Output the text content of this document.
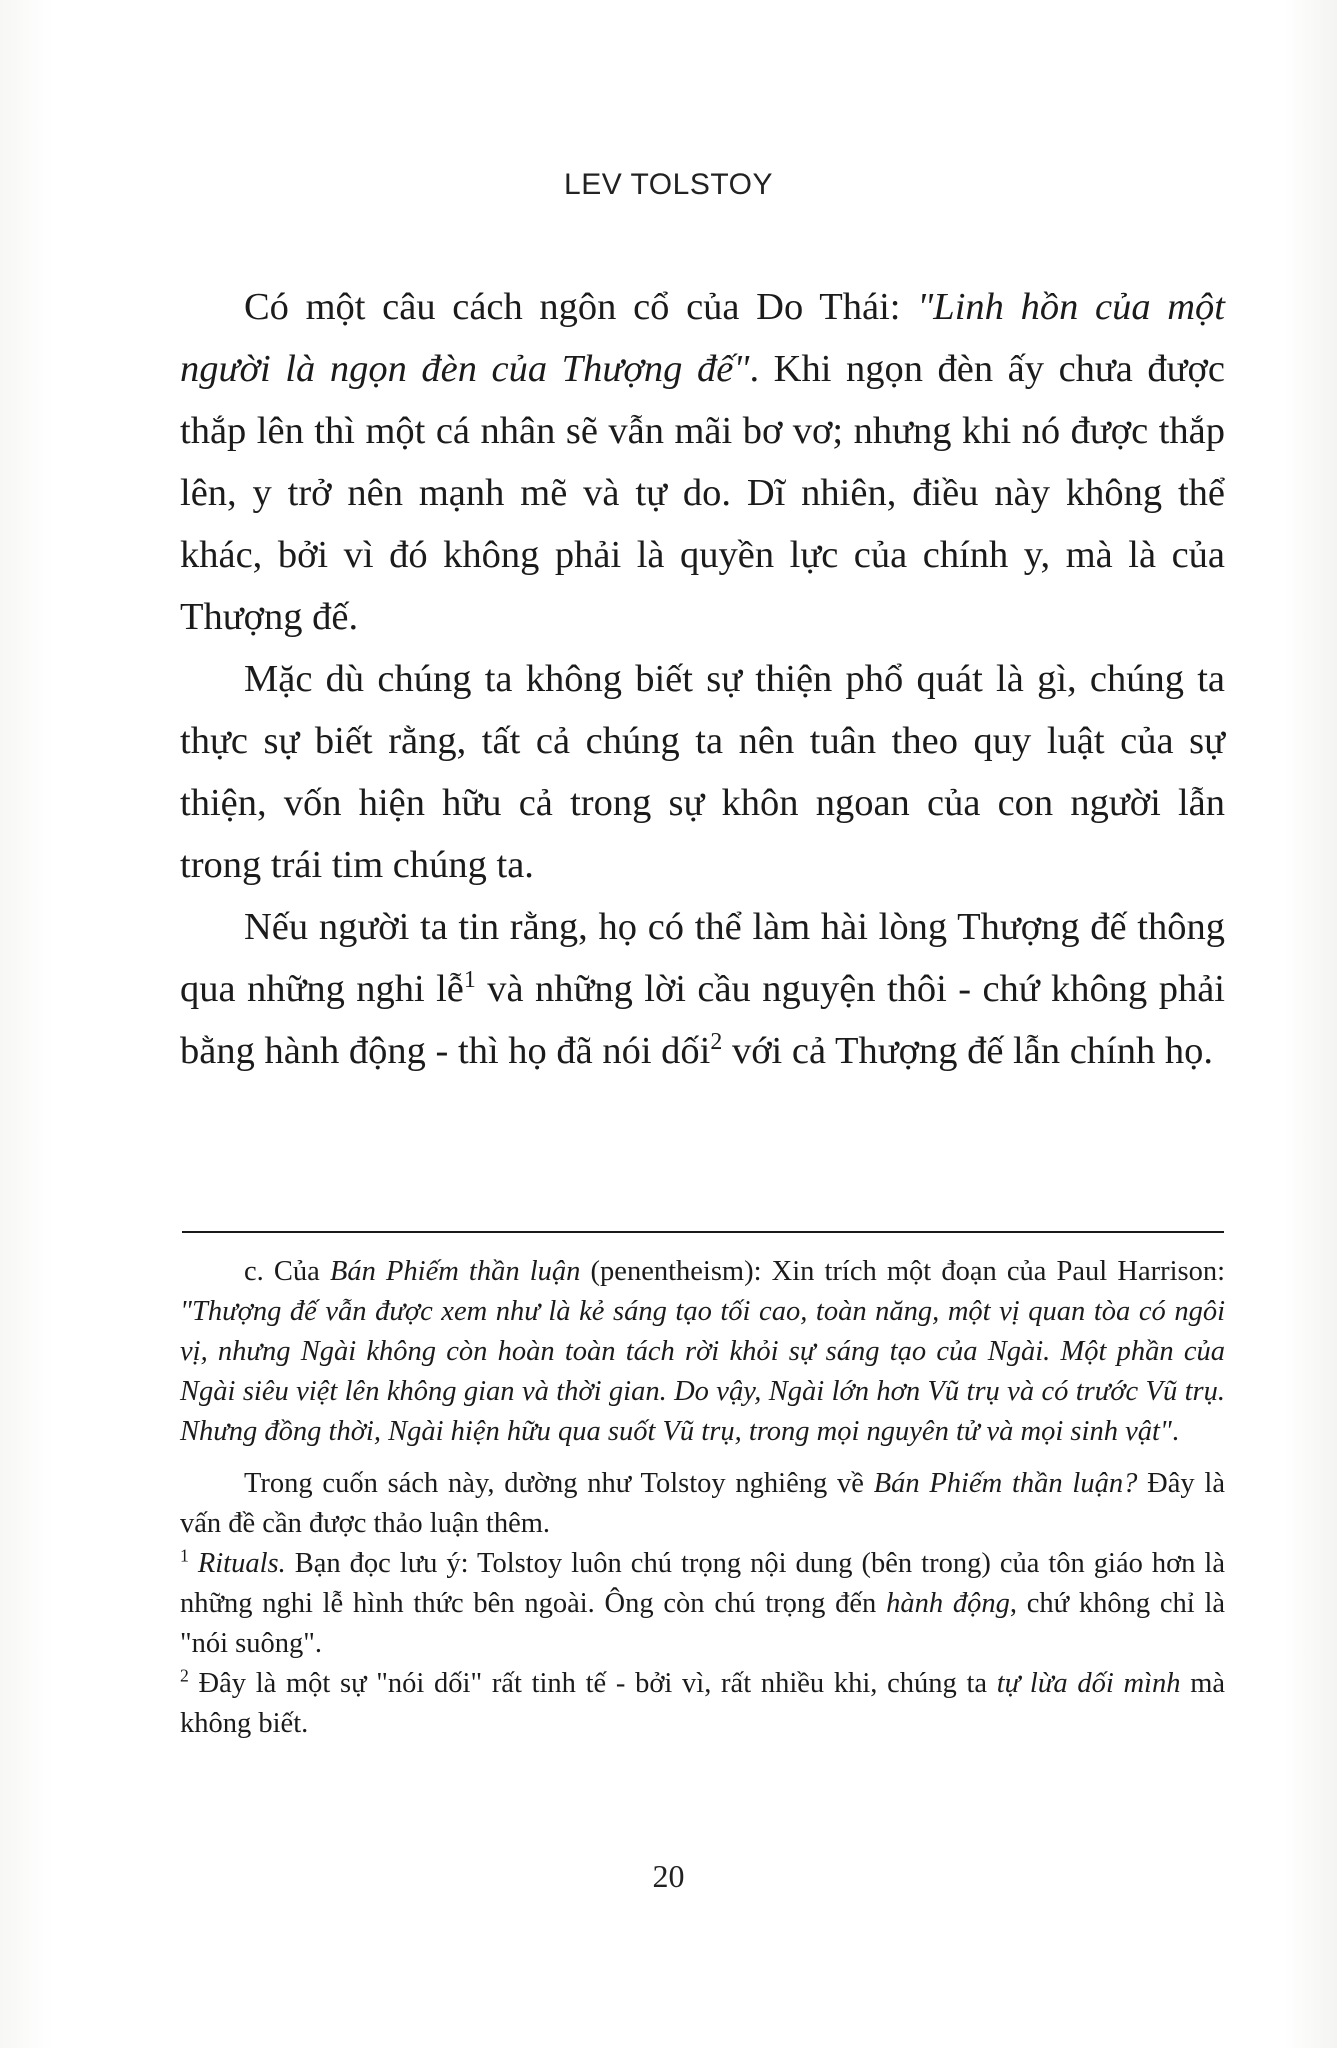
LEV TOLSTOY

Có một câu cách ngôn cổ của Do Thái: "Linh hồn của một người là ngọn đèn của Thượng đế". Khi ngọn đèn ấy chưa được thắp lên thì một cá nhân sẽ vẫn mãi bơ vơ; nhưng khi nó được thắp lên, y trở nên mạnh mẽ và tự do. Dĩ nhiên, điều này không thể khác, bởi vì đó không phải là quyền lực của chính y, mà là của Thượng đế.

Mặc dù chúng ta không biết sự thiện phổ quát là gì, chúng ta thực sự biết rằng, tất cả chúng ta nên tuân theo quy luật của sự thiện, vốn hiện hữu cả trong sự khôn ngoan của con người lẫn trong trái tim chúng ta.

Nếu người ta tin rằng, họ có thể làm hài lòng Thượng đế thông qua những nghi lễ$^1$ và những lời cầu nguyện thôi - chứ không phải bằng hành động - thì họ đã nói dối$^2$ với cả Thượng đế lẫn chính họ.

c. Của Bán Phiếm thần luận (penentheism): Xin trích một đoạn của Paul Harrison: "Thượng đế vẫn được xem như là kẻ sáng tạo tối cao, toàn năng, một vị quan tòa có ngôi vị, nhưng Ngài không còn hoàn toàn tách rời khỏi sự sáng tạo của Ngài. Một phần của Ngài siêu việt lên không gian và thời gian. Do vậy, Ngài lớn hơn Vũ trụ và có trước Vũ trụ. Nhưng đồng thời, Ngài hiện hữu qua suốt Vũ trụ, trong mọi nguyên tử và mọi sinh vật".

Trong cuốn sách này, dường như Tolstoy nghiêng về Bán Phiếm thần luận? Đây là vấn đề cần được thảo luận thêm.

$^1$ Rituals. Bạn đọc lưu ý: Tolstoy luôn chú trọng nội dung (bên trong) của tôn giáo hơn là những nghi lễ hình thức bên ngoài. Ông còn chú trọng đến hành động, chứ không chỉ là "nói suông".

$^2$ Đây là một sự "nói dối" rất tinh tế - bởi vì, rất nhiều khi, chúng ta tự lừa dối mình mà không biết.

20
